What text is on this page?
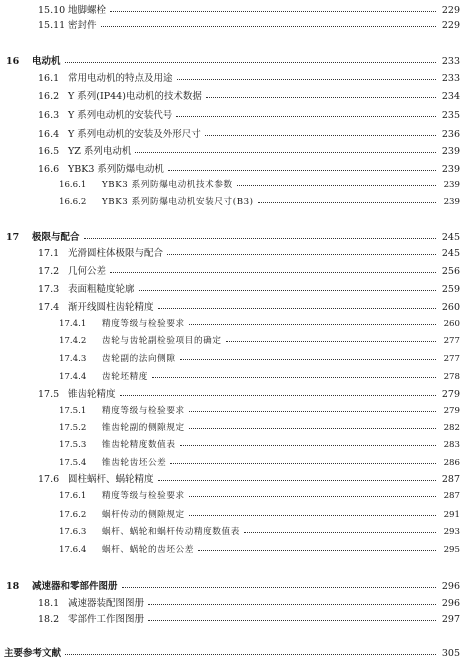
15.10 地脚螺栓	229
15.11 密封件	229
16 电动机	233
16.1 常用电动机的特点及用途	233
16.2 Y 系列(IP44)电动机的技术数据	234
16.3 Y 系列电动机的安装代号	235
16.4 Y 系列电动机的安装及外形尺寸	236
16.5 YZ 系列电动机	239
16.6 YBK3 系列防爆电动机	239
16.6.1 YBK3 系列防爆电动机技术参数	239
16.6.2 YBK3 系列防爆电动机安装尺寸(B3)	239
17 极限与配合	245
17.1 光滑圆柱体极限与配合	245
17.2 几何公差	256
17.3 表面粗糙度轮廓	259
17.4 渐开线圆柱齿轮精度	260
17.4.1 精度等级与检验要求	260
17.4.2 齿轮与齿轮副检验项目的确定	277
17.4.3 齿轮副的法向侧隙	277
17.4.4 齿轮坯精度	278
17.5 锥齿轮精度	279
17.5.1 精度等级与检验要求	279
17.5.2 锥齿轮副的侧隙规定	282
17.5.3 锥齿轮精度数值表	283
17.5.4 锥齿轮齿坯公差	286
17.6 圆柱蜗杆、蜗轮精度	287
17.6.1 精度等级与检验要求	287
17.6.2 蜗杆传动的侧隙规定	291
17.6.3 蜗杆、蜗轮和蜗杆传动精度数值表	293
17.6.4 蜗杆、蜗轮的齿坯公差	295
18 减速器和零部件图册	296
18.1 减速器装配图图册	296
18.2 零部件工作图图册	297
主要参考文献	305
